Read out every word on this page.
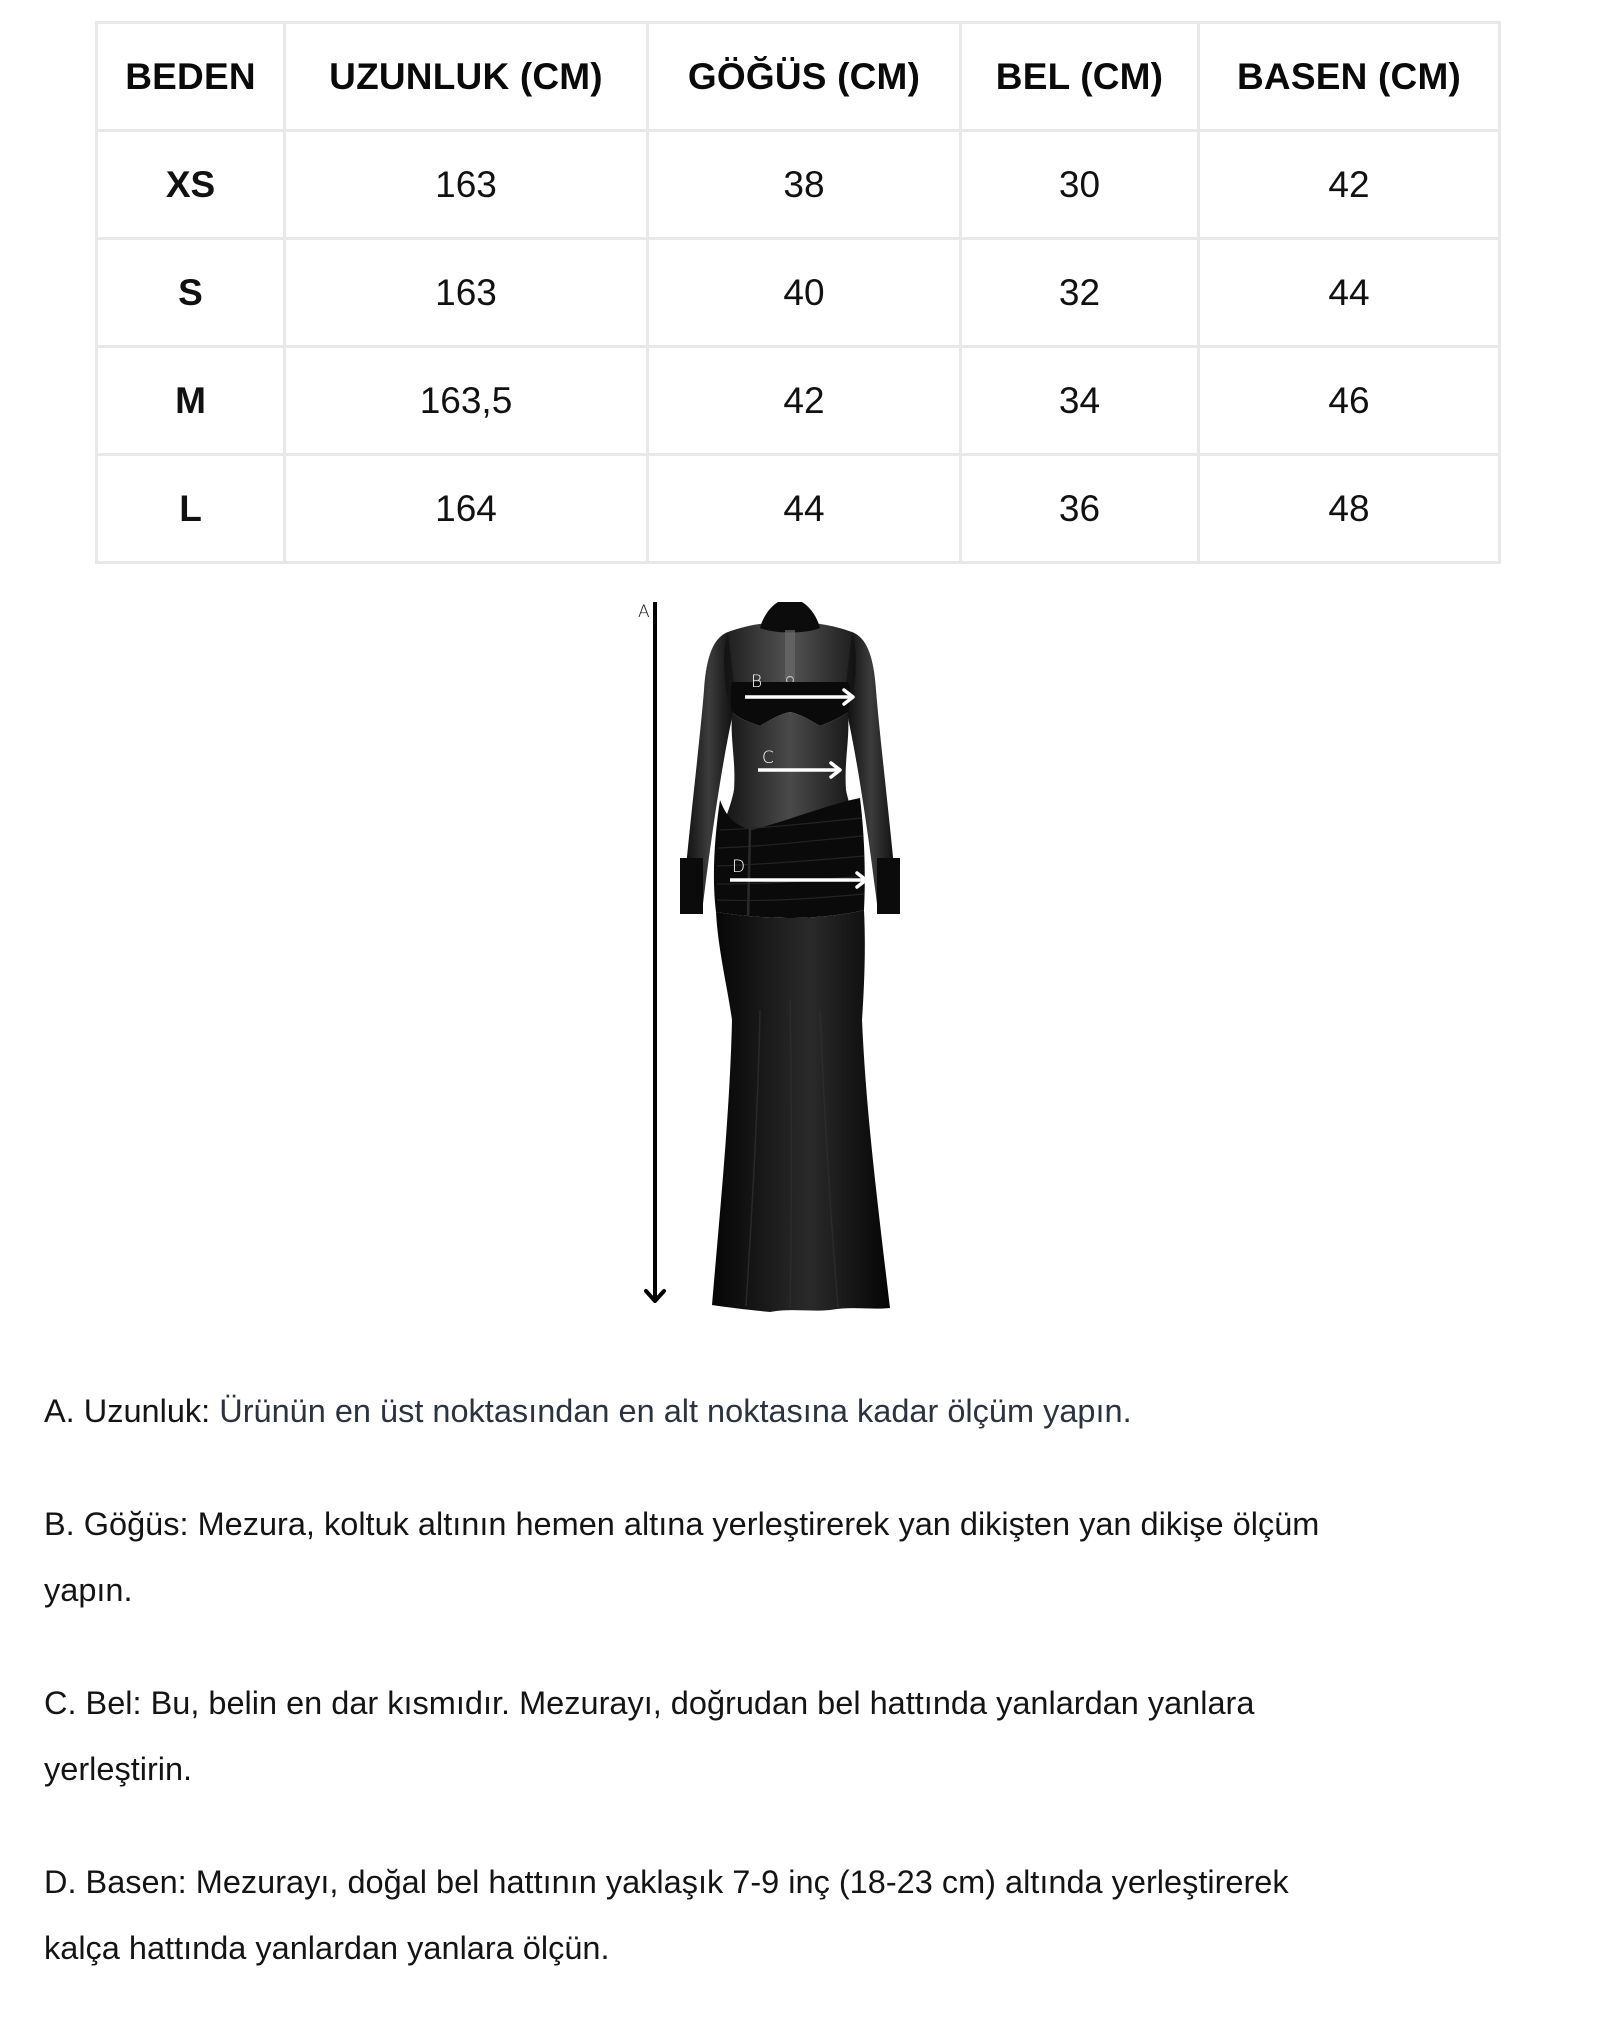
BEDEN	UZUNLUK (CM)	GÖĞÜS (CM)	BEL (CM)	BASEN (CM)
XS	163	38	30	42
S	163	40	32	44
M	163,5	42	34	46
L	164	44	36	48
A
B
C
D

A. Uzunluk: Ürünün en üst noktasından en alt noktasına kadar ölçüm yapın.

B. Göğüs: Mezura, koltuk altının hemen altına yerleştirerek yan dikişten yan dikişe ölçüm
yapın.

C. Bel: Bu, belin en dar kısmıdır. Mezurayı, doğrudan bel hattında yanlardan yanlara
yerleştirin.

D. Basen: Mezurayı, doğal bel hattının yaklaşık 7-9 inç (18-23 cm) altında yerleştirerek
kalça hattında yanlardan yanlara ölçün.
